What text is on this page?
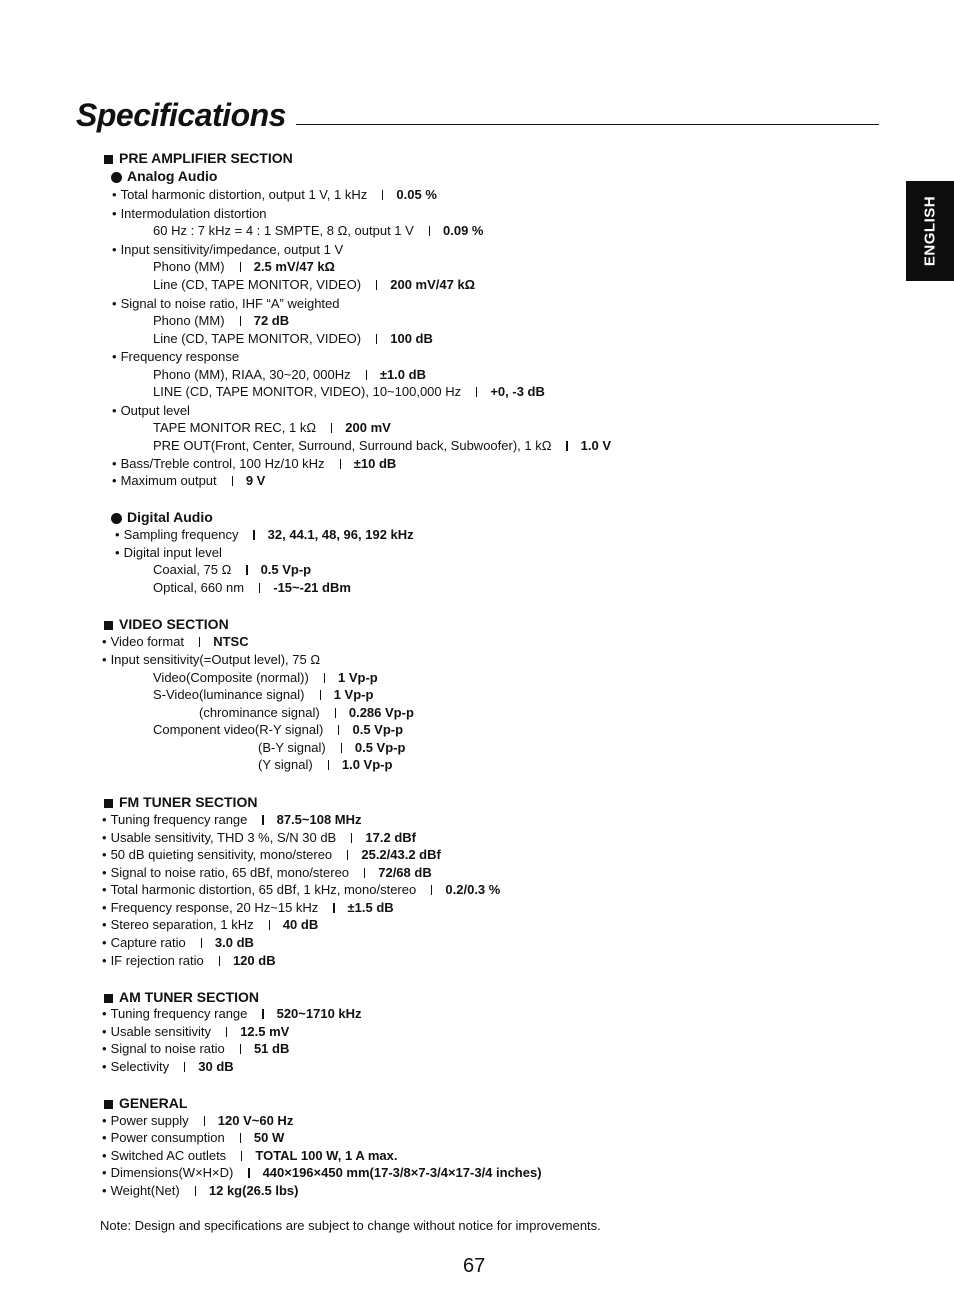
Specifications
ENGLISH
PRE AMPLIFIER SECTION
Analog Audio
• Total harmonic distortion, output 1 V, 1 kHz 0.05 %
• Intermodulation distortion
60 Hz : 7 kHz = 4 : 1 SMPTE, 8 Ω, output 1 V 0.09 %
• Input sensitivity/impedance, output 1 V
Phono (MM) 2.5 mV/47 kΩ
Line (CD, TAPE MONITOR, VIDEO) 200 mV/47 kΩ
• Signal to noise ratio, IHF “A” weighted
Phono (MM) 72 dB
Line (CD, TAPE MONITOR, VIDEO) 100 dB
• Frequency response
Phono (MM), RIAA, 30~20, 000Hz ±1.0 dB
LINE (CD, TAPE MONITOR, VIDEO), 10~100,000 Hz +0, -3 dB
• Output level
TAPE MONITOR REC, 1 kΩ 200 mV
PRE OUT(Front, Center, Surround, Surround back, Subwoofer), 1 kΩ 1.0 V
• Bass/Treble control, 100 Hz/10 kHz ±10 dB
• Maximum output 9 V
Digital Audio
• Sampling frequency 32, 44.1, 48, 96, 192 kHz
• Digital input level
Coaxial, 75 Ω 0.5 Vp-p
Optical, 660 nm -15~-21 dBm
VIDEO SECTION
• Video format NTSC
• Input sensitivity(=Output level), 75 Ω
Video(Composite (normal)) 1 Vp-p
S-Video(luminance signal) 1 Vp-p
(chrominance signal) 0.286 Vp-p
Component video(R-Y signal) 0.5 Vp-p
(B-Y signal) 0.5 Vp-p
(Y signal) 1.0 Vp-p
FM TUNER SECTION
• Tuning frequency range 87.5~108 MHz
• Usable sensitivity, THD 3 %, S/N 30 dB 17.2 dBf
• 50 dB quieting sensitivity, mono/stereo 25.2/43.2 dBf
• Signal to noise ratio, 65 dBf, mono/stereo 72/68 dB
• Total harmonic distortion, 65 dBf, 1 kHz, mono/stereo 0.2/0.3 %
• Frequency response, 20 Hz~15 kHz ±1.5 dB
• Stereo separation, 1 kHz 40 dB
• Capture ratio 3.0 dB
• IF rejection ratio 120 dB
AM TUNER SECTION
• Tuning frequency range 520~1710 kHz
• Usable sensitivity 12.5 mV
• Signal to noise ratio 51 dB
• Selectivity 30 dB
GENERAL
• Power supply 120 V~60 Hz
• Power consumption 50 W
• Switched AC outlets TOTAL 100 W, 1 A max.
• Dimensions(W×H×D) 440×196×450 mm(17-3/8×7-3/4×17-3/4 inches)
• Weight(Net) 12 kg(26.5 lbs)
Note: Design and specifications are subject to change without notice for improvements.
67
